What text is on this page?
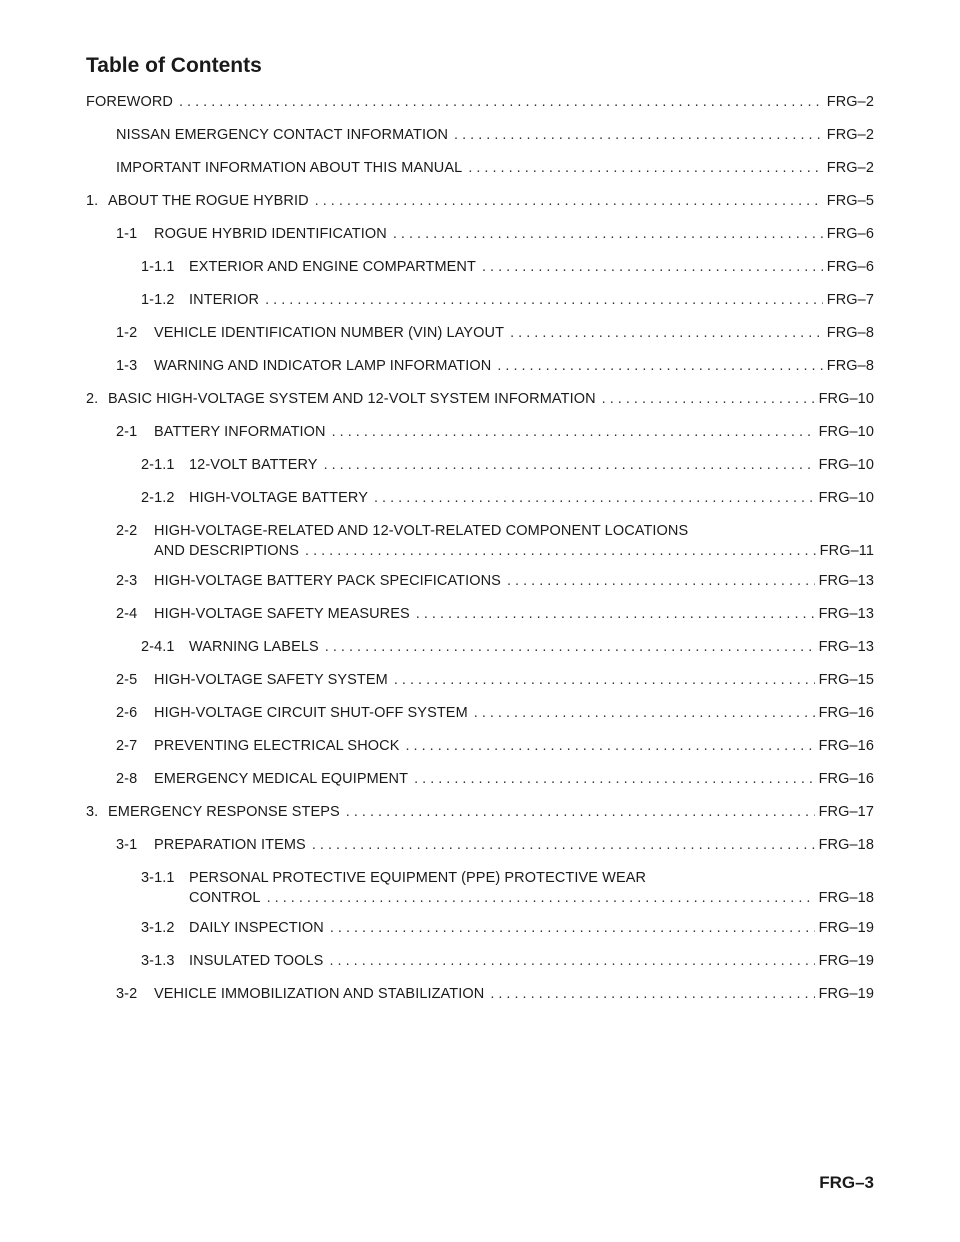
Table of Contents
FOREWORD . . .	FRG–2
NISSAN EMERGENCY CONTACT INFORMATION . . .	FRG–2
IMPORTANT INFORMATION ABOUT THIS MANUAL . . .	FRG–2
1. ABOUT THE ROGUE HYBRID . . .	FRG–5
1-1	ROGUE HYBRID IDENTIFICATION . . .	FRG–6
1-1.1 EXTERIOR AND ENGINE COMPARTMENT . . .	FRG–6
1-1.2 INTERIOR . . .	FRG–7
1-2	VEHICLE IDENTIFICATION NUMBER (VIN) LAYOUT . . .	FRG–8
1-3	WARNING AND INDICATOR LAMP INFORMATION . . .	FRG–8
2. BASIC HIGH-VOLTAGE SYSTEM AND 12-VOLT SYSTEM INFORMATION . . .	FRG–10
2-1	BATTERY INFORMATION . . .	FRG–10
2-1.1 12-VOLT BATTERY . . .	FRG–10
2-1.2 HIGH-VOLTAGE BATTERY . . .	FRG–10
2-2	HIGH-VOLTAGE-RELATED AND 12-VOLT-RELATED COMPONENT LOCATIONS
AND DESCRIPTIONS . . .	FRG–11
2-3	HIGH-VOLTAGE BATTERY PACK SPECIFICATIONS . . .	FRG–13
2-4	HIGH-VOLTAGE SAFETY MEASURES . . .	FRG–13
2-4.1 WARNING LABELS . . .	FRG–13
2-5	HIGH-VOLTAGE SAFETY SYSTEM . . .	FRG–15
2-6	HIGH-VOLTAGE CIRCUIT SHUT-OFF SYSTEM . . .	FRG–16
2-7	PREVENTING ELECTRICAL SHOCK . . .	FRG–16
2-8	EMERGENCY MEDICAL EQUIPMENT . . .	FRG–16
3. EMERGENCY RESPONSE STEPS . . .	FRG–17
3-1	PREPARATION ITEMS . . .	FRG–18
3-1.1 PERSONAL PROTECTIVE EQUIPMENT (PPE) PROTECTIVE WEAR
CONTROL . . .	FRG–18
3-1.2 DAILY INSPECTION . . .	FRG–19
3-1.3 INSULATED TOOLS . . .	FRG–19
3-2	VEHICLE IMMOBILIZATION AND STABILIZATION . . .	FRG–19
FRG–3
